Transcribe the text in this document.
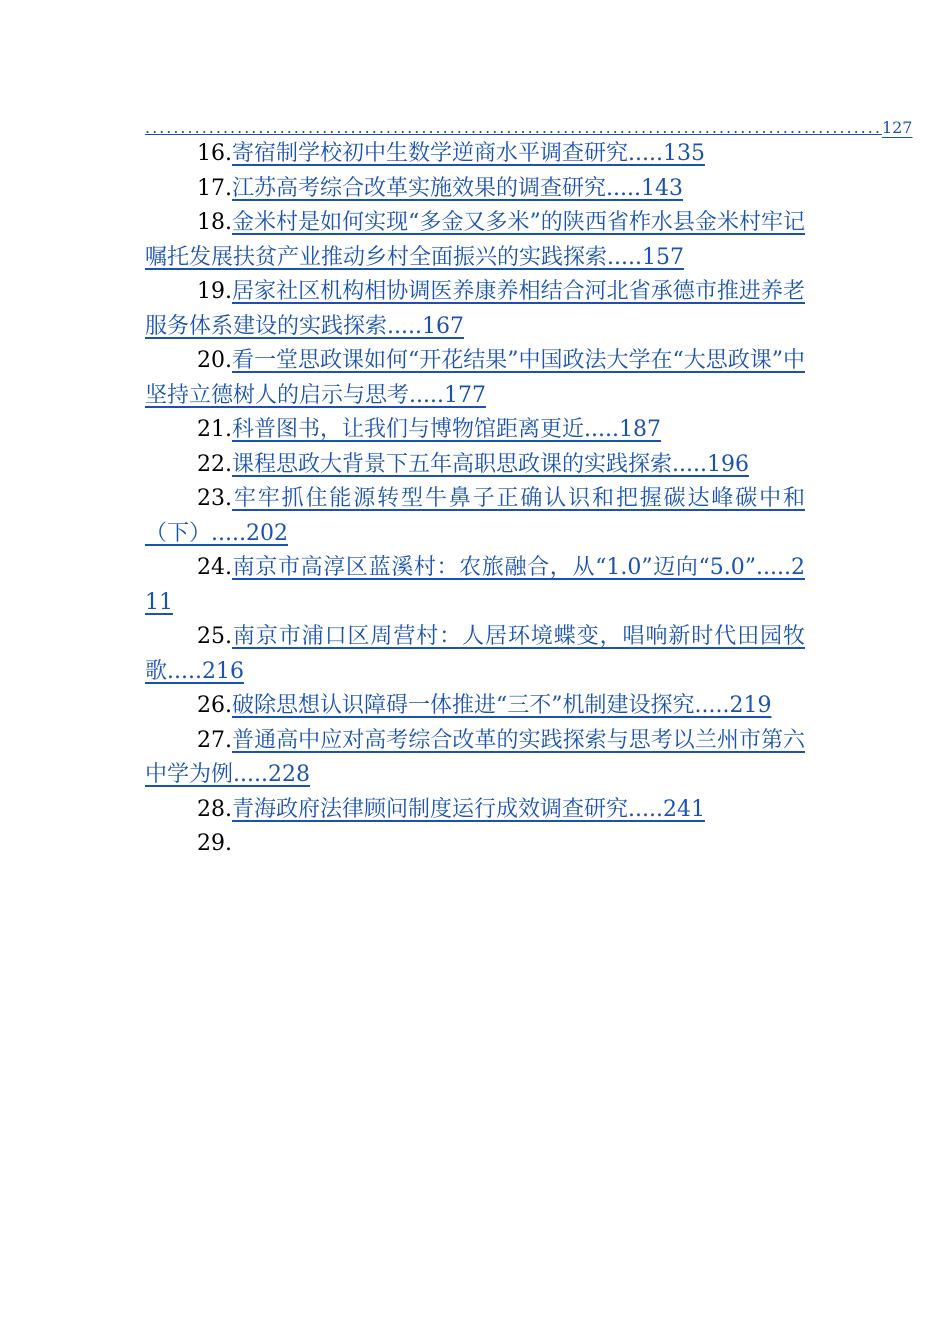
........................................................................................................ 127
16.寄宿制学校初中生数学逆商水平调查研究.....135
17.江苏高考综合改革实施效果的调查研究.....143
18.金米村是如何实现“多金又多米”的陕西省柞水县金米村牢记嘱托发展扶贫产业推动乡村全面振兴的实践探索.....157
19.居家社区机构相协调医养康养相结合河北省承德市推进养老服务体系建设的实践探索.....167
20.看一堂思政课如何“开花结果”中国政法大学在“大思政课”中坚持立德树人的启示与思考.....177
21.科普图书，让我们与博物馆距离更近.....187
22.课程思政大背景下五年高职思政课的实践探索.....196
23.牢牢抓住能源转型牛鼻子正确认识和把握碳达峰碳中和（下）.....202
24.南京市高淳区蓝溪村：农旅融合，从“1.0”迈向“5.0”.....211
25.南京市浦口区周营村：人居环境蝶变，唱响新时代田园牧歌.....216
26.破除思想认识障碍一体推进“三不”机制建设探究.....219
27.普通高中应对高考综合改革的实践探索与思考以兰州市第六中学为例.....228
28.青海政府法律顾问制度运行成效调查研究.....241
29.
